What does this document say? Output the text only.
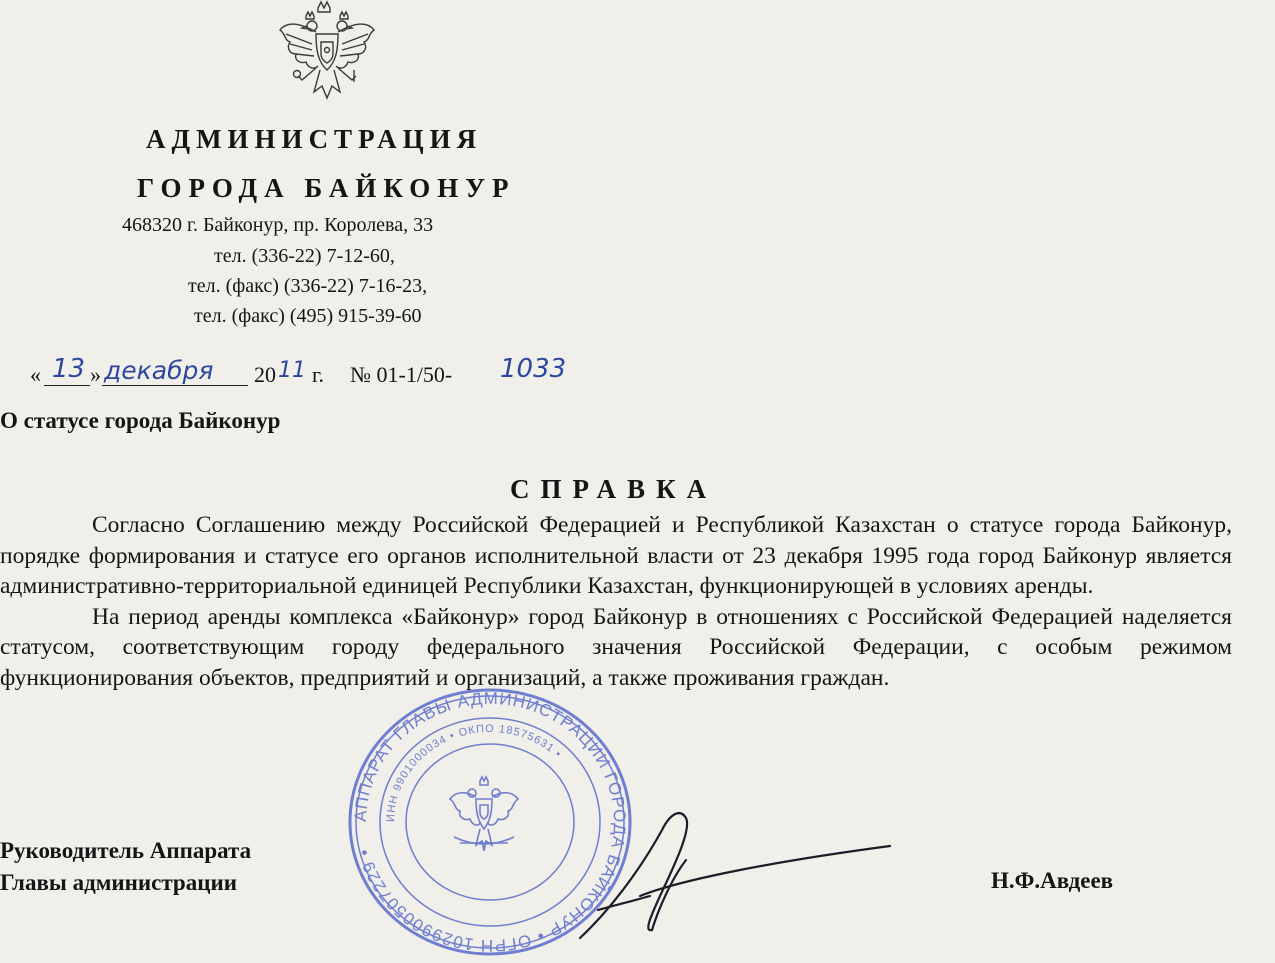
АДМИНИСТРАЦИЯ
ГОРОДА БАЙКОНУР
468320 г. Байконур, пр. Королева, 33
тел. (336-22) 7-12-60,
тел. (факс) (336-22) 7-16-23,
тел. (факс) (495) 915-39-60
« 13 » декабря 20 11 г. № 01-1/50- 1033
О статусе города Байконур
СПРАВКА

Согласно Соглашению между Российской Федерацией и Республикой Казахстан о статусе города Байконур, порядке формирования и статусе его органов исполнительной власти от 23 декабря 1995 года город Байконур является административно-территориальной единицей Республики Казахстан, функционирующей в условиях аренды.

На период аренды комплекса «Байконур» город Байконур в отношениях с Российской Федерацией наделяется статусом, соответствующим городу федерального значения Российской Федерации, с особым режимом функционирования объектов, предприятий и организаций, а также проживания граждан.

Руководитель Аппарата
Главы администрации	Н.Ф.Авдеев
АППАРАТ ГЛАВЫ АДМИНИСТРАЦИИ ГОРОДА БАЙКОНУР • ОГРН 1029900507229 •
ИНН 9901000034 • ОКПО 18575631 •
